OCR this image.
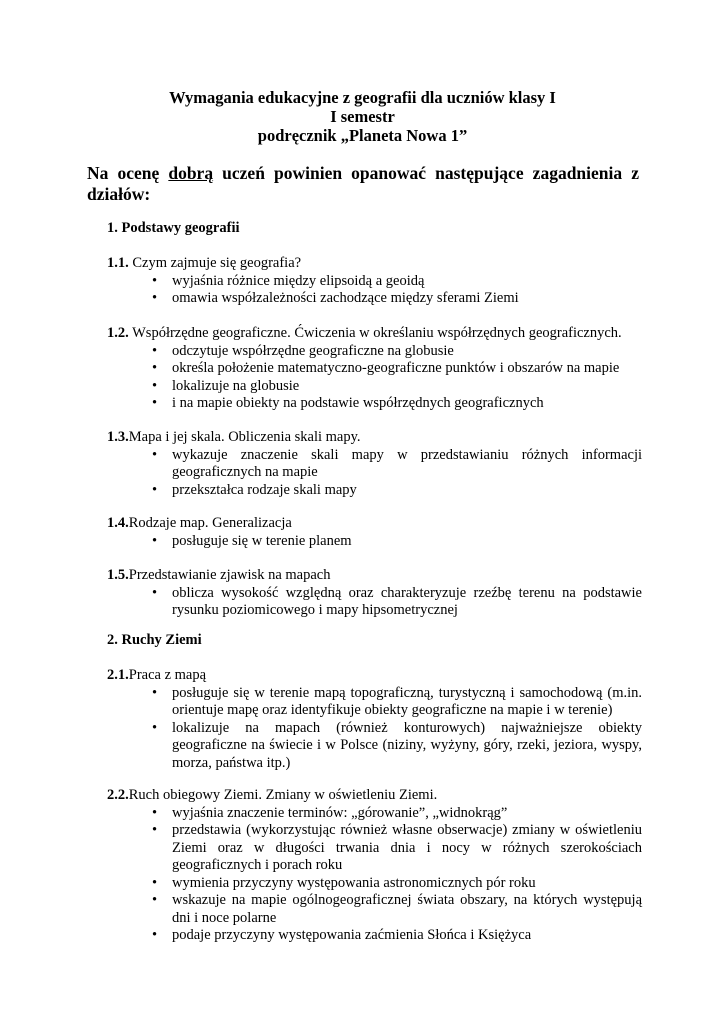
Wymagania edukacyjne z geografii dla uczniów klasy I
I semestr
podręcznik „Planeta Nowa 1”
Na ocenę dobrą uczeń powinien opanować następujące zagadnienia z działów:
1. Podstawy geografii
1.1. Czym zajmuje się geografia?
• wyjaśnia różnice między elipsoidą a geoidą
• omawia współzależności zachodzące między sferami Ziemi
1.2. Współrzędne geograficzne. Ćwiczenia w określaniu współrzędnych geograficznych.
• odczytuje współrzędne geograficzne na globusie
• określa położenie matematyczno-geograficzne punktów i obszarów na mapie
• lokalizuje na globusie
• i na mapie obiekty na podstawie współrzędnych geograficznych
1.3.Mapa i jej skala. Obliczenia skali mapy.
• wykazuje znaczenie skali mapy w przedstawianiu różnych informacji geograficznych na mapie
• przekształca rodzaje skali mapy
1.4.Rodzaje map. Generalizacja
• posługuje się w terenie planem
1.5.Przedstawianie zjawisk na mapach
• oblicza wysokość względną oraz charakteryzuje rzeźbę terenu na podstawie rysunku poziomicowego i mapy hipsometrycznej
2. Ruchy Ziemi
2.1.Praca z mapą
• posługuje się w terenie mapą topograficzną, turystyczną i samochodową (m.in. orientuje mapę oraz identyfikuje obiekty geograficzne na mapie i w terenie)
• lokalizuje na mapach (również konturowych) najważniejsze obiekty geograficzne na świecie i w Polsce (niziny, wyżyny, góry, rzeki, jeziora, wyspy, morza, państwa itp.)
2.2.Ruch obiegowy Ziemi. Zmiany w oświetleniu Ziemi.
• wyjaśnia znaczenie terminów: „górowanie”, „widnokrąg”
• przedstawia (wykorzystując również własne obserwacje) zmiany w oświetleniu Ziemi oraz w długości trwania dnia i nocy w różnych szerokościach geograficznych i porach roku
• wymienia przyczyny występowania astronomicznych pór roku
• wskazuje na mapie ogólnogeograficznej świata obszary, na których występują dni i noce polarne
• podaje przyczyny występowania zaćmienia Słońca i Księżyca
